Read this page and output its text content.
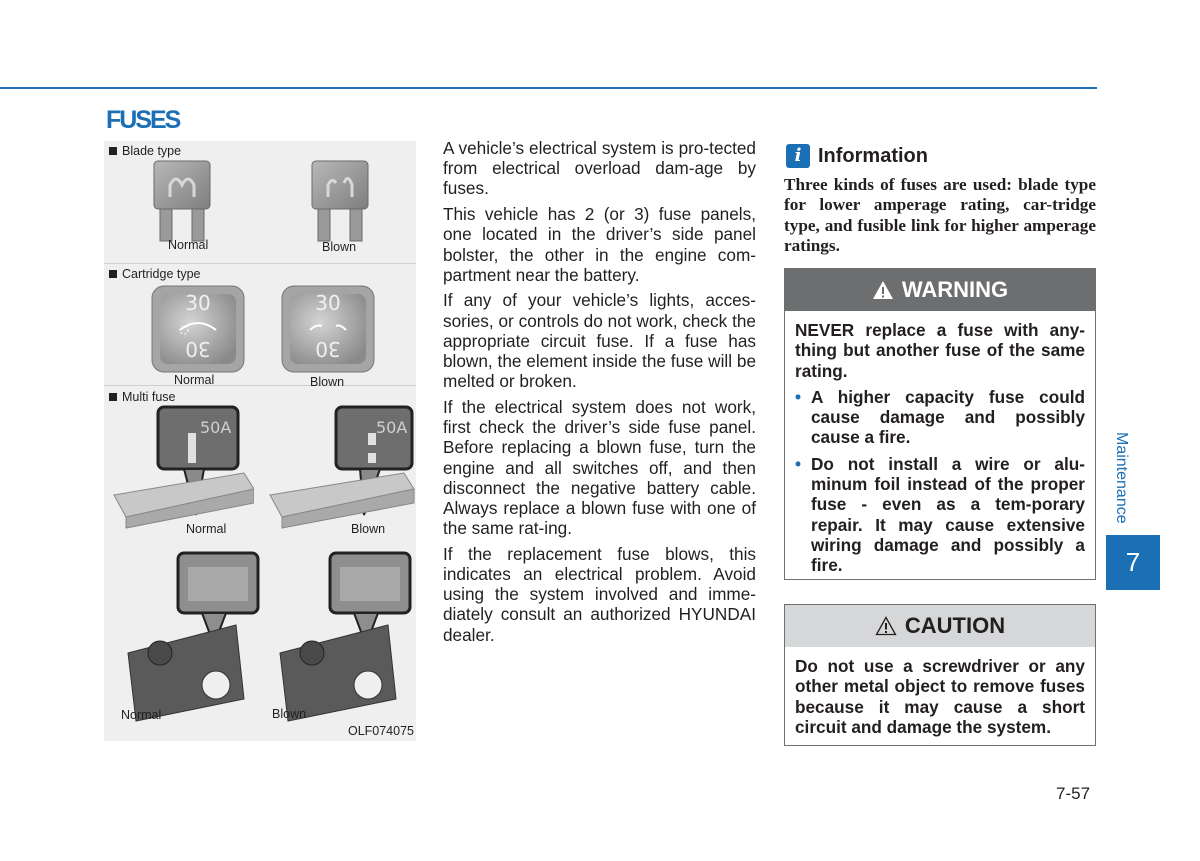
FUSES
Blade type
Normal	Blown
Cartridge type
30
30
30
30
Normal	Blown
Multi fuse
50A	50A
Normal	Blown
Normal	Blown
OLF074075

A vehicle’s electrical system is pro-tected from electrical overload dam-age by fuses.

This vehicle has 2 (or 3) fuse panels, one located in the driver’s side panel bolster, the other in the engine com-partment near the battery.

If any of your vehicle’s lights, acces-sories, or controls do not work, check the appropriate circuit fuse. If a fuse has blown, the element inside the fuse will be melted or broken.

If the electrical system does not work, first check the driver’s side fuse panel. Before replacing a blown fuse, turn the engine and all switches off, and then disconnect the negative battery cable. Always replace a blown fuse with one of the same rat-ing.

If the replacement fuse blows, this indicates an electrical problem. Avoid using the system involved and imme-diately consult an authorized HYUNDAI dealer.

i Information
Three kinds of fuses are used: blade type for lower amperage rating, car-tridge type, and fusible link for higher amperage ratings.
WARNING

NEVER replace a fuse with any-thing but another fuse of the same rating.

• A higher capacity fuse could cause damage and possibly cause a fire.
• Do not install a wire or alu-minum foil instead of the proper fuse - even as a tem-porary repair. It may cause extensive wiring damage and possibly a fire.
CAUTION

Do not use a screwdriver or any other metal object to remove fuses because it may cause a short circuit and damage the system.

Maintenance
7
7-57
